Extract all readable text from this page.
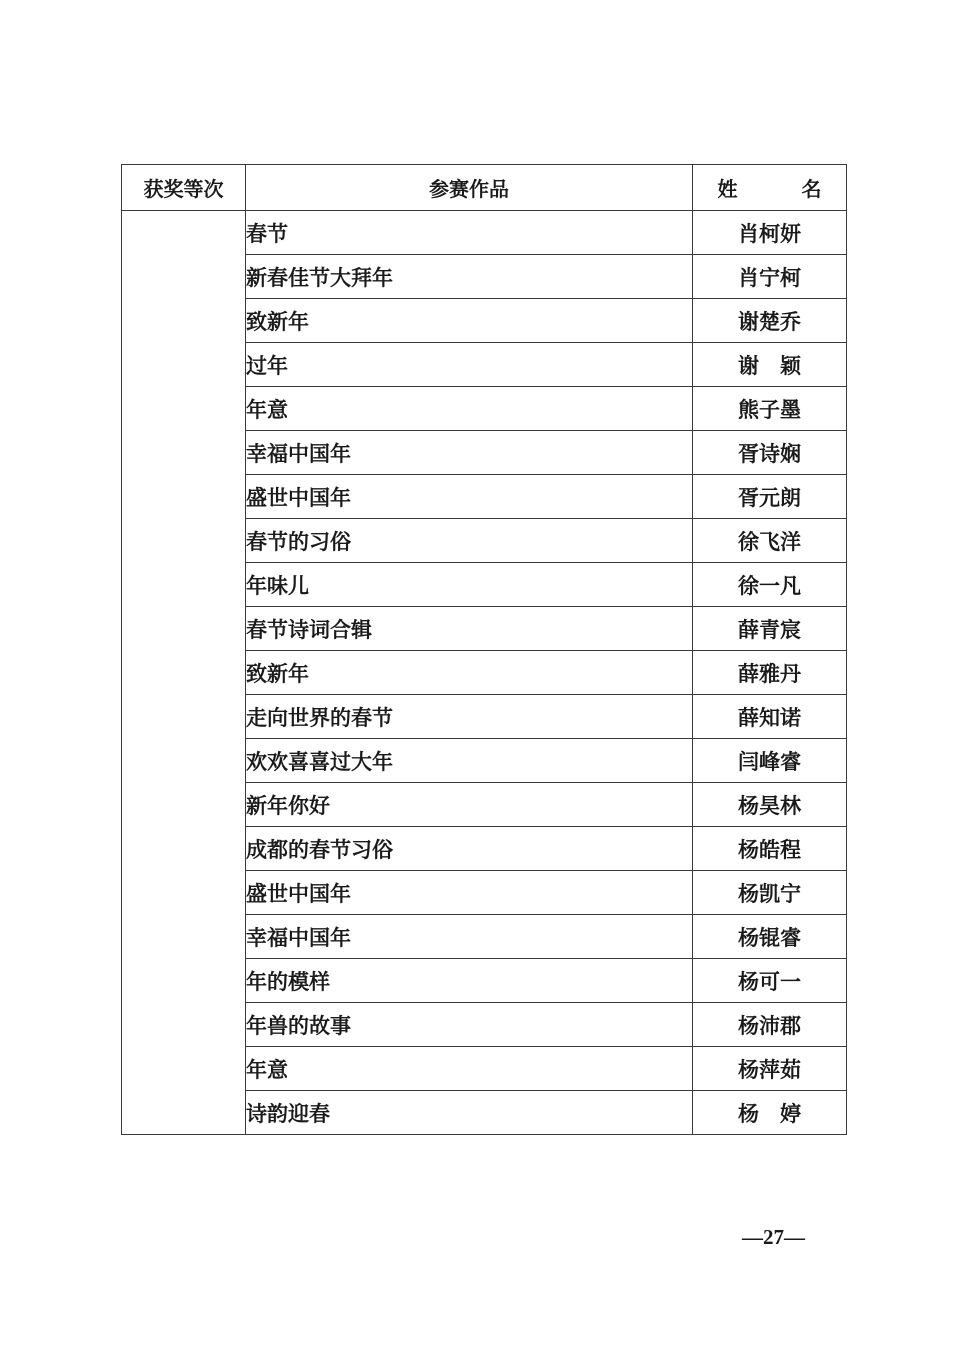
获奖等次	参赛作品	姓　名
	春节	肖柯妍
	新春佳节大拜年	肖宁柯
	致新年	谢楚乔
	过年	谢　颖
	年意	熊子墨
	幸福中国年	胥诗娴
	盛世中国年	胥元朗
	春节的习俗	徐飞洋
	年味儿	徐一凡
	春节诗词合辑	薛青宸
	致新年	薛雅丹
	走向世界的春节	薛知诺
	欢欢喜喜过大年	闫峰睿
	新年你好	杨昊林
	成都的春节习俗	杨皓程
	盛世中国年	杨凯宁
	幸福中国年	杨锟睿
	年的模样	杨可一
	年兽的故事	杨沛郡
	年意	杨萍茹
	诗韵迎春	杨　婷
—27—
